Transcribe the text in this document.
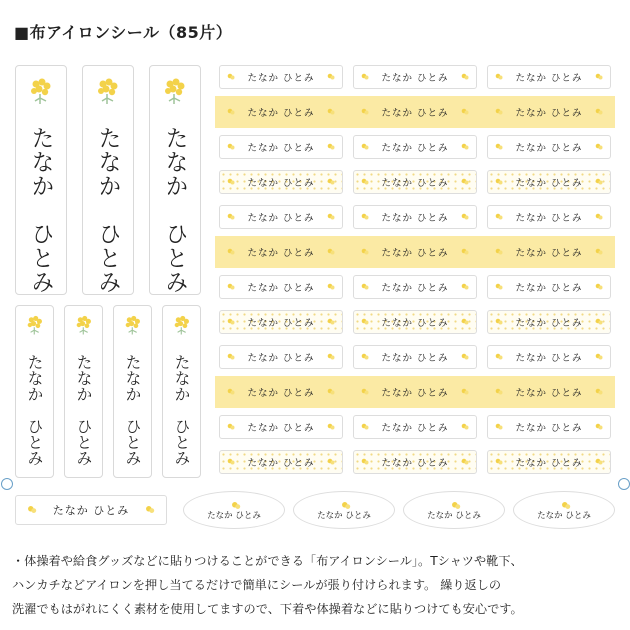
■布アイロンシール（85片）
たなか　ひとみ たなか　ひとみ たなか　ひとみ
たなか　ひとみ たなか　ひとみ たなか　ひとみ たなか　ひとみ
たなか ひとみ	たなか ひとみ	たなか ひとみ
たなか ひとみ	たなか ひとみ	たなか ひとみ
たなか ひとみ	たなか ひとみ	たなか ひとみ
たなか ひとみ	たなか ひとみ	たなか ひとみ
たなか ひとみ	たなか ひとみ	たなか ひとみ
たなか ひとみ	たなか ひとみ	たなか ひとみ
たなか ひとみ	たなか ひとみ	たなか ひとみ
たなか ひとみ	たなか ひとみ	たなか ひとみ
たなか ひとみ	たなか ひとみ	たなか ひとみ
たなか ひとみ	たなか ひとみ	たなか ひとみ
たなか ひとみ	たなか ひとみ	たなか ひとみ
たなか ひとみ	たなか ひとみ	たなか ひとみ
たなか ひとみ	たなか ひとみ	たなか ひとみ	たなか ひとみ	たなか ひとみ

・体操着や給食グッズなどに貼りつけることができる「布アイロンシール」。Tシャツや靴下、

ハンカチなどアイロンを押し当てるだけで簡単にシールが張り付けられます。 繰り返しの

洗濯でもはがれにくく素材を使用してますので、下着や体操着などに貼りつけても安心です。
